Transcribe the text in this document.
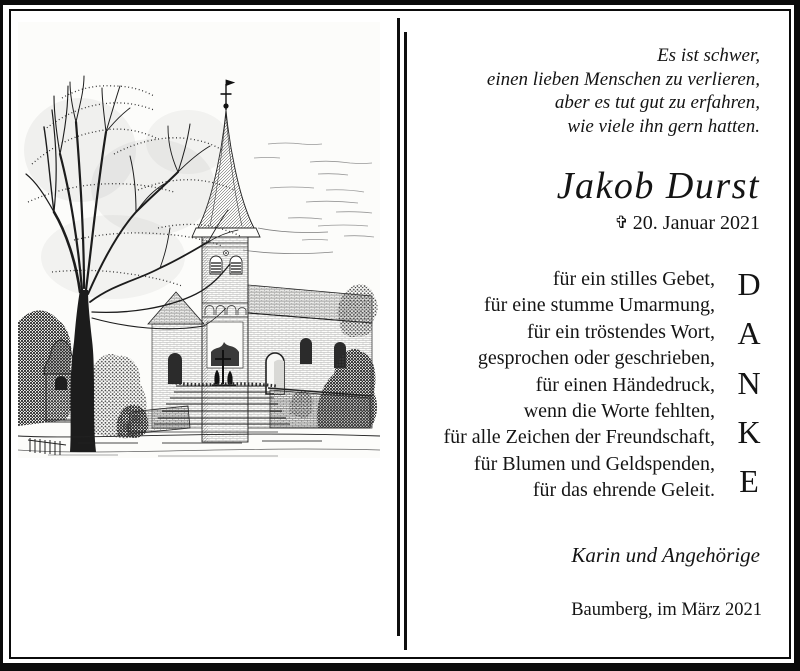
Es ist schwer,
einen lieben Menschen zu verlieren,
aber es tut gut zu erfahren,
wie viele ihn gern hatten.
Jakob Durst
✞ 20. Januar 2021
für ein stilles Gebet,
für eine stumme Umarmung,
für ein tröstendes Wort,
gesprochen oder geschrieben,
für einen Händedruck,
wenn die Worte fehlten,
für alle Zeichen der Freundschaft,
für Blumen und Geldspenden,
für das ehrende Geleit.
D
A
N
K
E
Karin und Angehörige
Baumberg, im März 2021
